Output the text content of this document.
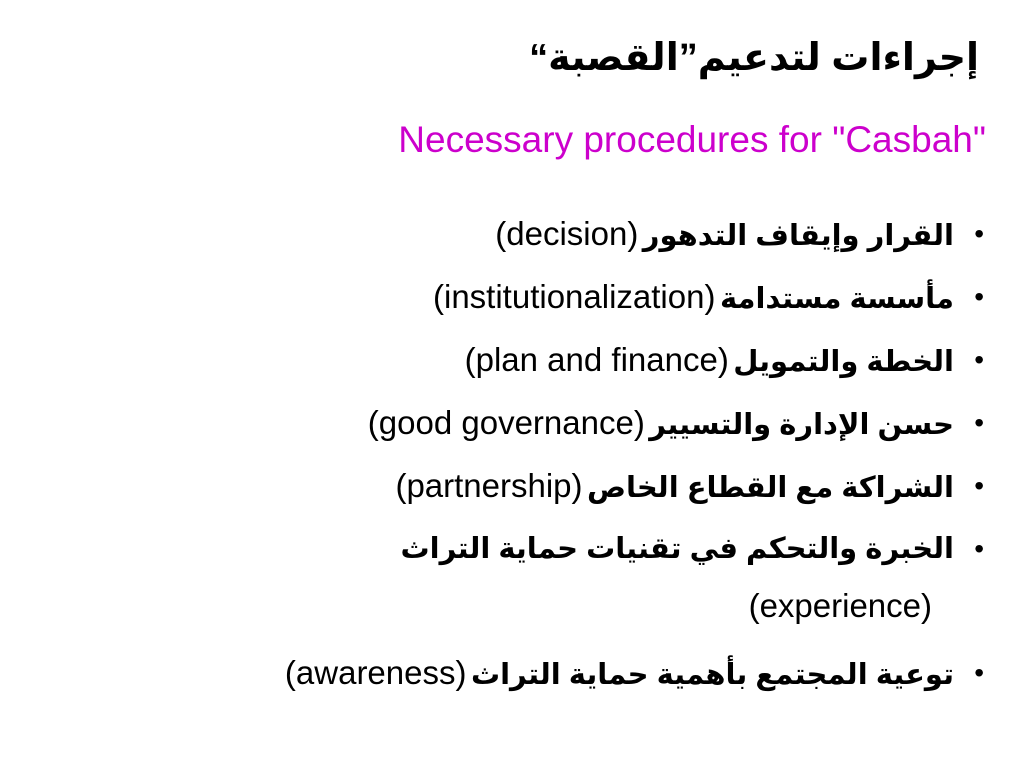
إجراءات لتدعيم”القصبة“
Necessary procedures for "Casbah"
•
القرار وإيقاف التدهور (decision)
•
مأسسة مستدامة (institutionalization)
•
الخطة والتمويل (plan and finance)
•
حسن الإدارة والتسيير (good governance)
•
الشراكة مع القطاع الخاص (partnership)
•
الخبرة والتحكم في تقنيات حماية التراث
(experience)
•
توعية المجتمع بأهمية حماية التراث (awareness)
